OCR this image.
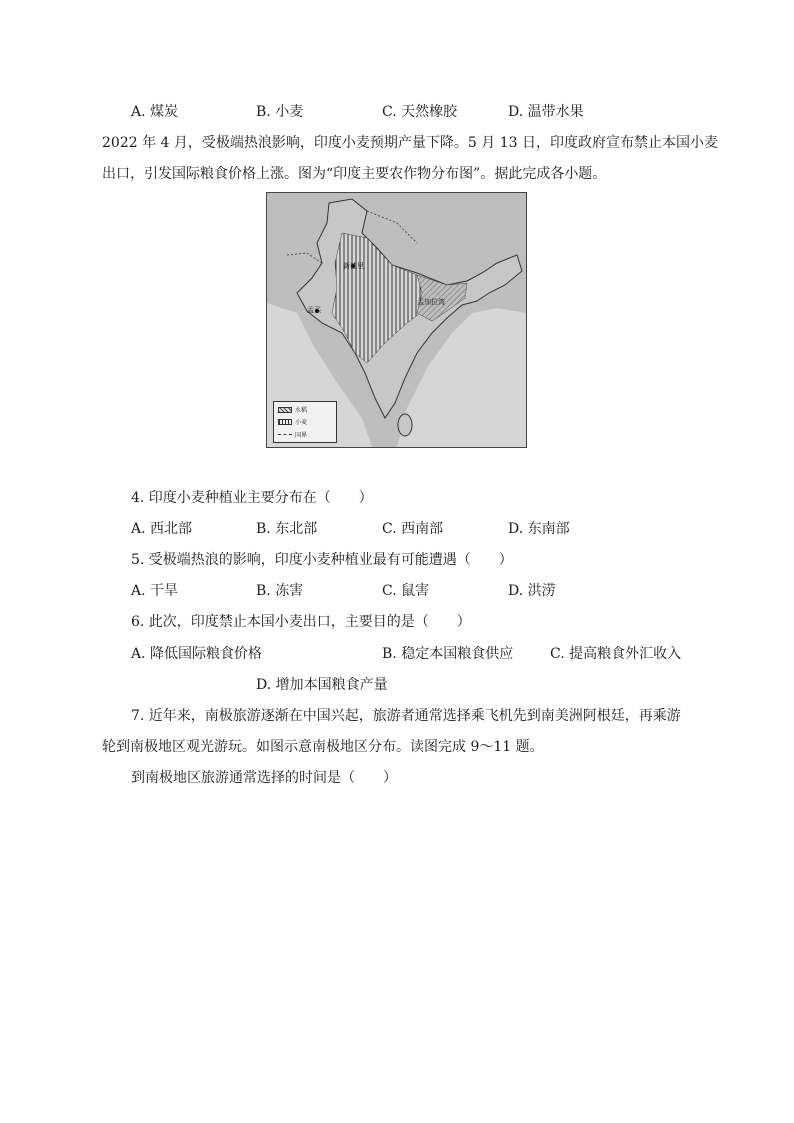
A. 煤炭	B. 小麦	C. 天然橡胶	D. 温带水果
2022 年 4 月，受极端热浪影响，印度小麦预期产量下降。5 月 13 日，印度政府宣布禁止本国小麦
出口，引发国际粮食价格上涨。图为“印度主要农作物分布图”。据此完成各小题。
新德里
孟加拉湾
孟买
水稻
小麦
国界
4. 印度小麦种植业主要分布在（　　）
A. 西北部	B. 东北部	C. 西南部	D. 东南部
5. 受极端热浪的影响，印度小麦种植业最有可能遭遇（　　）
A. 干旱	B. 冻害	C. 鼠害	D. 洪涝
6. 此次，印度禁止本国小麦出口，主要目的是（　　）
A. 降低国际粮食价格	B. 稳定本国粮食供应	C. 提高粮食外汇收入
D. 增加本国粮食产量
7. 近年来，南极旅游逐渐在中国兴起，旅游者通常选择乘飞机先到南美洲阿根廷，再乘游
轮到南极地区观光游玩。如图示意南极地区分布。读图完成 9～11 题。
到南极地区旅游通常选择的时间是（　　）
